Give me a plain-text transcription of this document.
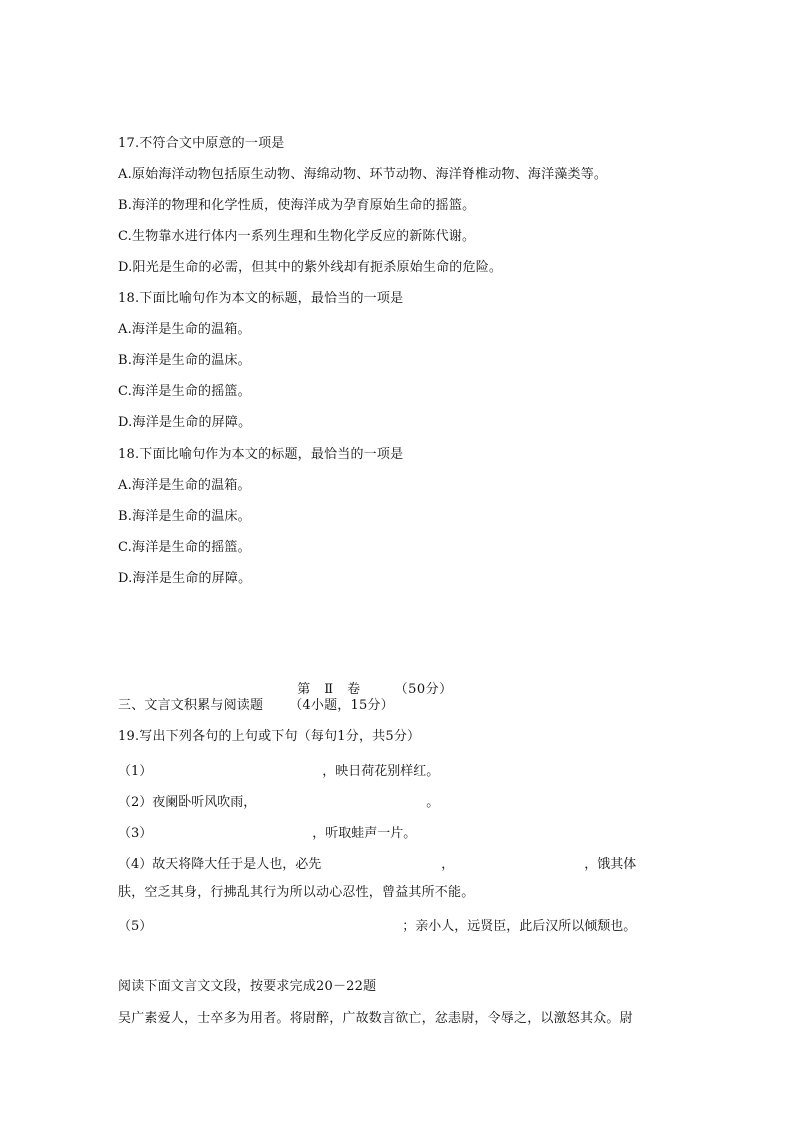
17.不符合文中原意的一项是
A.原始海洋动物包括原生动物、海绵动物、环节动物、海洋脊椎动物、海洋藻类等。
B.海洋的物理和化学性质，使海洋成为孕育原始生命的摇篮。
C.生物靠水进行体内一系列生理和生物化学反应的新陈代谢。
D.阳光是生命的必需，但其中的紫外线却有扼杀原始生命的危险。
18.下面比喻句作为本文的标题，最恰当的一项是
A.海洋是生命的温箱。
B.海洋是生命的温床。
C.海洋是生命的摇篮。
D.海洋是生命的屏障。
18.下面比喻句作为本文的标题，最恰当的一项是
A.海洋是生命的温箱。
B.海洋是生命的温床。
C.海洋是生命的摇篮。
D.海洋是生命的屏障。

第　Ⅱ　卷	（50分）

三、文言文积累与阅读题 （4小题，15分）
19.写出下列各句的上句或下句（每句1分，共5分）
（1）	，映日荷花别样红。
（2）夜阑卧听风吹雨，	。
（3）	，听取蛙声一片。
（4）故天将降大任于是人也，必先	，	，饿其体
肤，空乏其身，行拂乱其行为所以动心忍性，曾益其所不能。
（5）	；亲小人，远贤臣，此后汉所以倾颓也。
阅读下面文言文文段，按要求完成20－22题
吴广素爱人，士卒多为用者。将尉醉，广故数言欲亡，忿恚尉，令辱之，以激怒其众。尉
